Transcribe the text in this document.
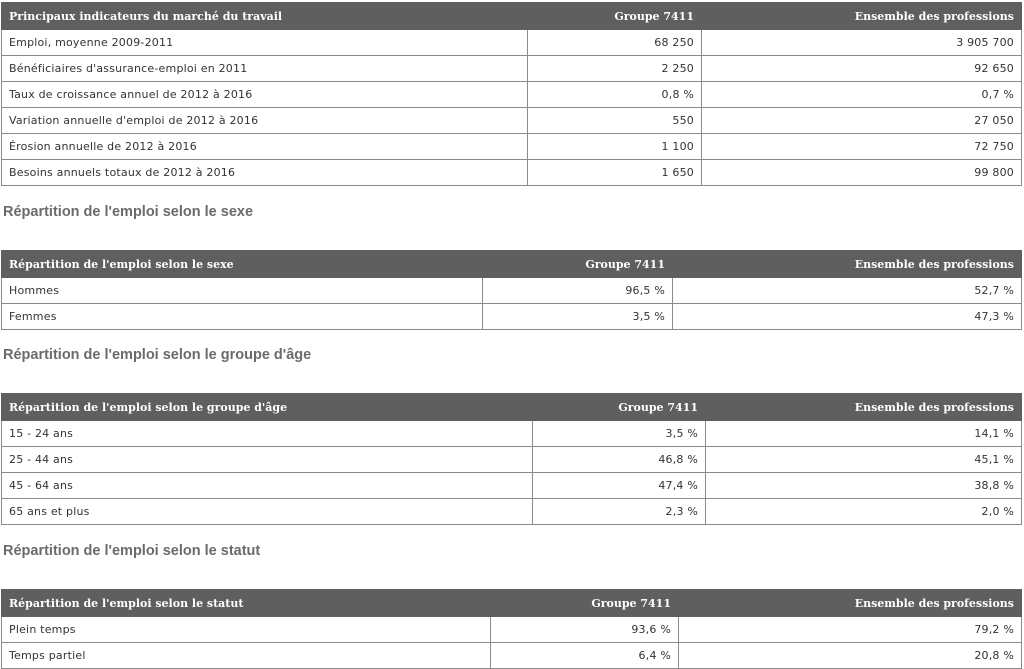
Principaux indicateurs du marché du travail	Groupe 7411	Ensemble des professions
Emploi, moyenne 2009-2011	68 250	3 905 700
Bénéficiaires d'assurance-emploi en 2011	2 250	92 650
Taux de croissance annuel de 2012 à 2016	0,8 %	0,7 %
Variation annuelle d'emploi de 2012 à 2016	550	27 050
Érosion annuelle de 2012 à 2016	1 100	72 750
Besoins annuels totaux de 2012 à 2016	1 650	99 800
Répartition de l'emploi selon le sexe
Répartition de l'emploi selon le sexe	Groupe 7411	Ensemble des professions
Hommes	96,5 %	52,7 %
Femmes	3,5 %	47,3 %
Répartition de l'emploi selon le groupe d'âge
Répartition de l'emploi selon le groupe d'âge	Groupe 7411	Ensemble des professions
15 - 24 ans	3,5 %	14,1 %
25 - 44 ans	46,8 %	45,1 %
45 - 64 ans	47,4 %	38,8 %
65 ans et plus	2,3 %	2,0 %
Répartition de l'emploi selon le statut
Répartition de l'emploi selon le statut	Groupe 7411	Ensemble des professions
Plein temps	93,6 %	79,2 %
Temps partiel	6,4 %	20,8 %
